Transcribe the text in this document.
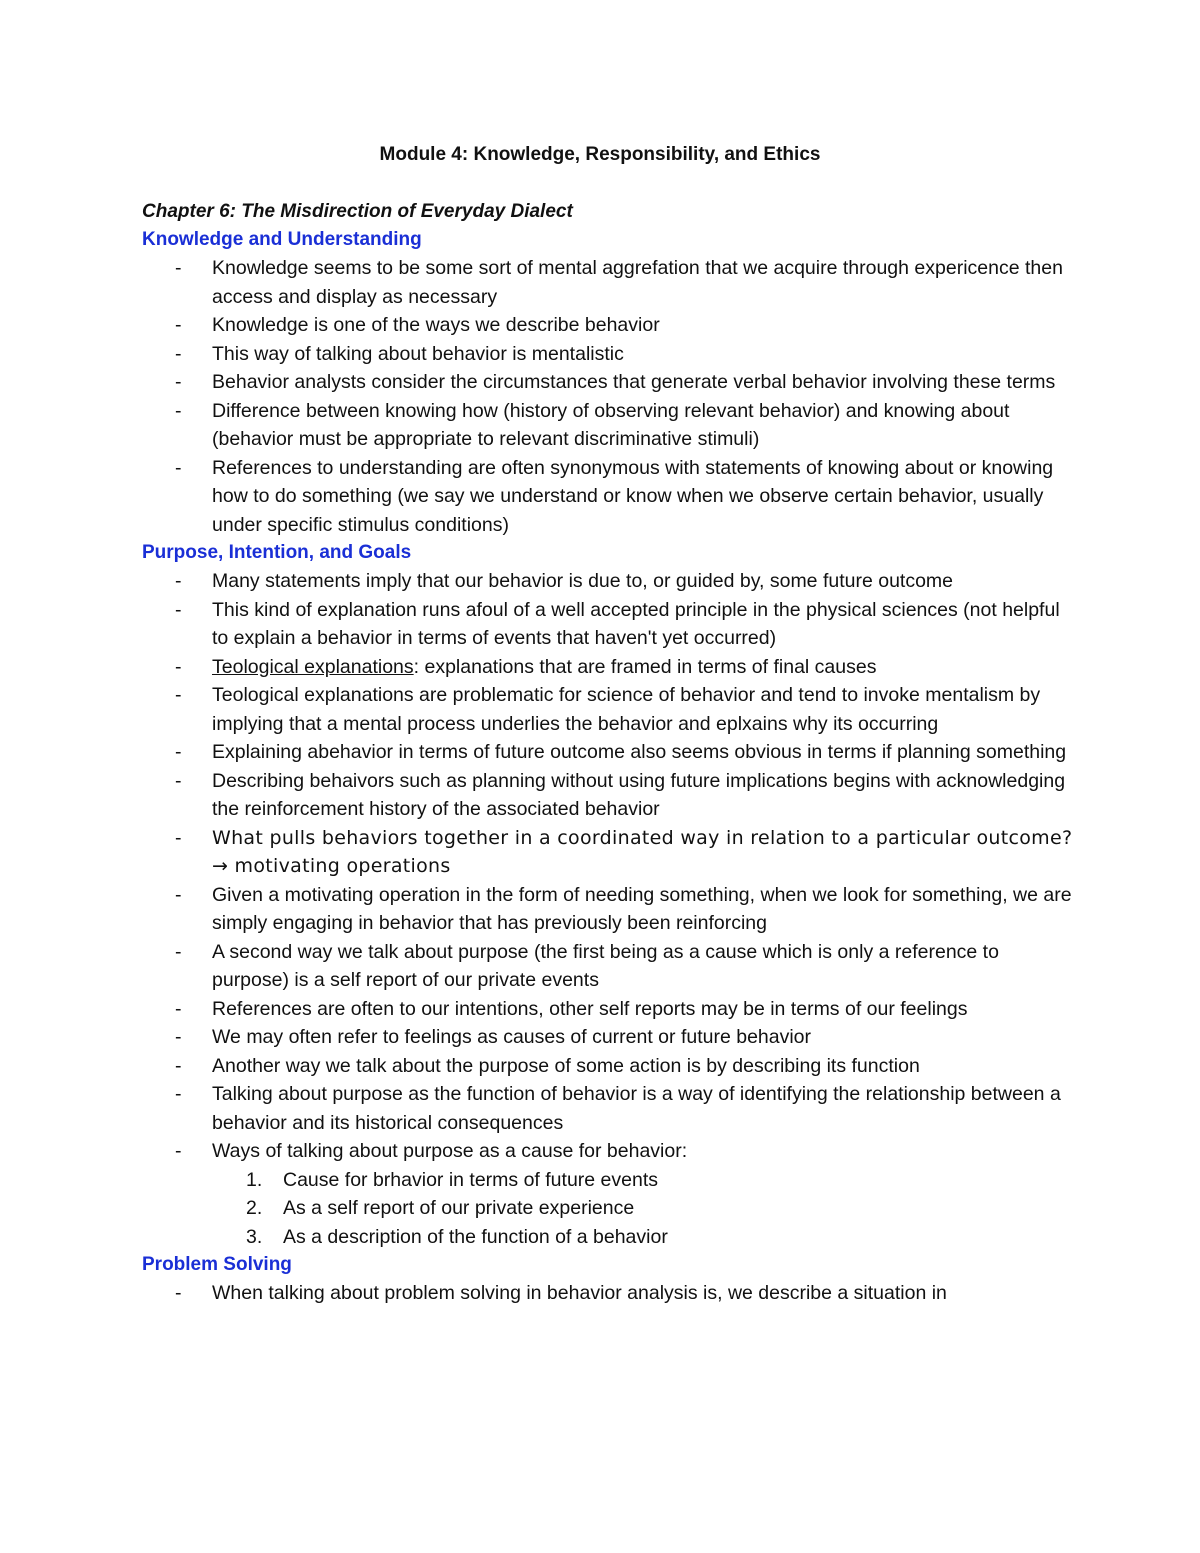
Module 4: Knowledge, Responsibility, and Ethics

Chapter 6: The Misdirection of Everyday Dialect

Knowledge and Understanding
- Knowledge seems to be some sort of mental aggrefation that we acquire through expericence then access and display as necessary
- Knowledge is one of the ways we describe behavior
- This way of talking about behavior is mentalistic
- Behavior analysts consider the circumstances that generate verbal behavior involving these terms
- Difference between knowing how (history of observing relevant behavior) and knowing about (behavior must be appropriate to relevant discriminative stimuli)
- References to understanding are often synonymous with statements of knowing about or knowing how to do something (we say we understand or know when we observe certain behavior, usually under specific stimulus conditions)
Purpose, Intention, and Goals
- Many statements imply that our behavior is due to, or guided by, some future outcome
- This kind of explanation runs afoul of a well accepted principle in the physical sciences (not helpful to explain a behavior in terms of events that haven't yet occurred)
- Teological explanations: explanations that are framed in terms of final causes
- Teological explanations are problematic for science of behavior and tend to invoke mentalism by implying that a mental process underlies the behavior and eplxains why its occurring
- Explaining abehavior in terms of future outcome also seems obvious in terms if planning something
- Describing behaivors such as planning without using future implications begins with acknowledging the reinforcement history of the associated behavior
- What pulls behaviors together in a coordinated way in relation to a particular outcome? → motivating operations
- Given a motivating operation in the form of needing something, when we look for something, we are simply engaging in behavior that has previously been reinforcing
- A second way we talk about purpose (the first being as a cause which is only a reference to purpose) is a self report of our private events
- References are often to our intentions, other self reports may be in terms of our feelings
- We may often refer to feelings as causes of current or future behavior
- Another way we talk about the purpose of some action is by describing its function
- Talking about purpose as the function of behavior is a way of identifying the relationship between a behavior and its historical consequences
- Ways of talking about purpose as a cause for behavior:
1. Cause for brhavior in terms of future events
2. As a self report of our private experience
3. As a description of the function of a behavior
Problem Solving
- When talking about problem solving in behavior analysis is, we describe a situation in
